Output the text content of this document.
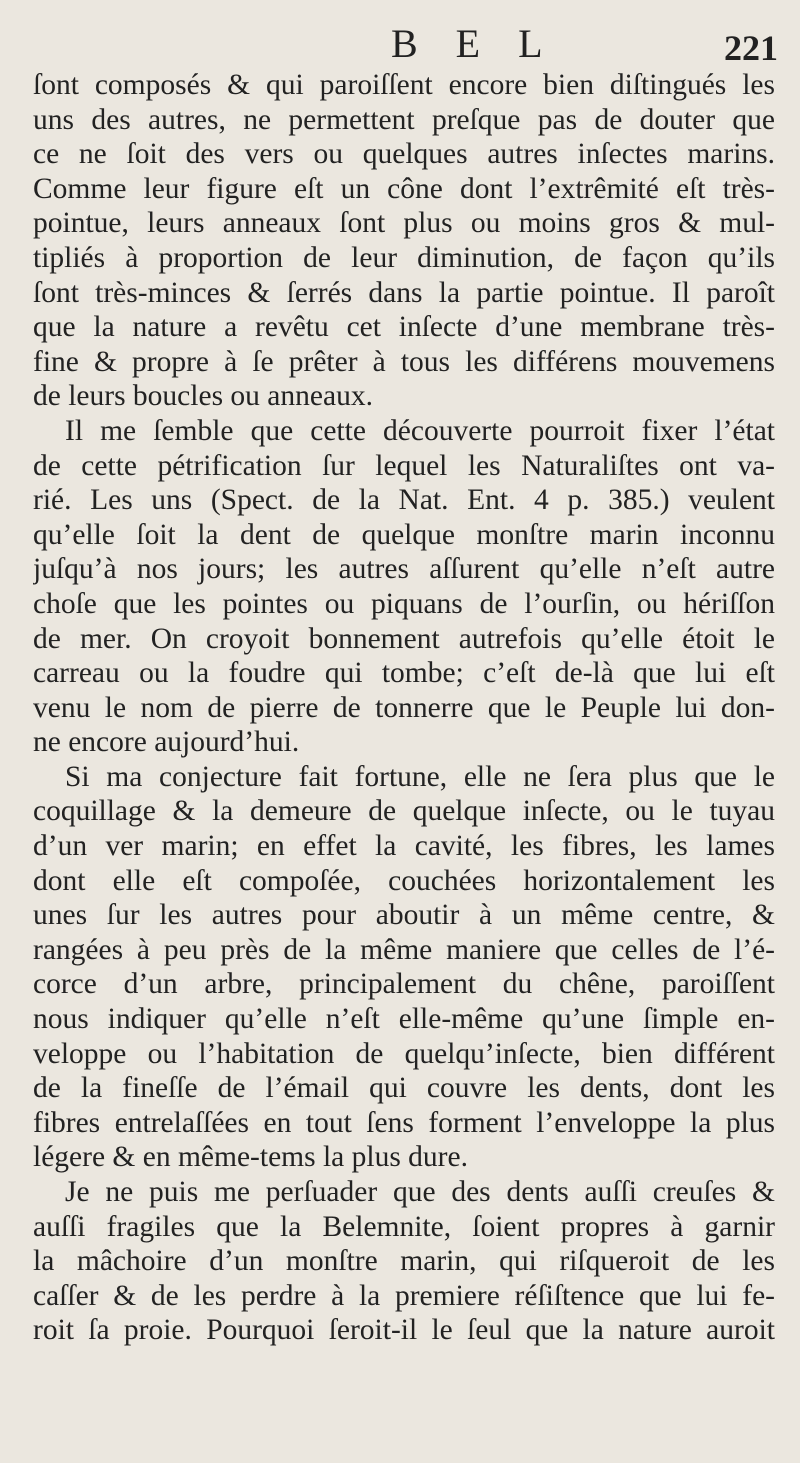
B E L	221
ſont composés & qui paroiſſent encore bien diſtingués les
uns des autres, ne permettent preſque pas de douter que
ce ne ſoit des vers ou quelques autres inſectes marins.
Comme leur figure eſt un cône dont l’extrêmité eſt très-
pointue, leurs anneaux ſont plus ou moins gros & mul-
tipliés à proportion de leur diminution, de façon qu’ils
ſont très-minces & ſerrés dans la partie pointue. Il paroît
que la nature a revêtu cet inſecte d’une membrane très-
fine & propre à ſe prêter à tous les différens mouvemens
de leurs boucles ou anneaux.
Il me ſemble que cette découverte pourroit fixer l’état
de cette pétrification ſur lequel les Naturaliſtes ont va-
rié. Les uns (Spect. de la Nat. Ent. 4 p. 385.) veulent
qu’elle ſoit la dent de quelque monſtre marin inconnu
juſqu’à nos jours; les autres aſſurent qu’elle n’eſt autre
choſe que les pointes ou piquans de l’ourſin, ou hériſſon
de mer. On croyoit bonnement autrefois qu’elle étoit le
carreau ou la foudre qui tombe; c’eſt de-là que lui eſt
venu le nom de pierre de tonnerre que le Peuple lui don-
ne encore aujourd’hui.
Si ma conjecture fait fortune, elle ne ſera plus que le
coquillage & la demeure de quelque inſecte, ou le tuyau
d’un ver marin; en effet la cavité, les fibres, les lames
dont elle eſt compoſée, couchées horizontalement les
unes ſur les autres pour aboutir à un même centre, &
rangées à peu près de la même maniere que celles de l’é-
corce d’un arbre, principalement du chêne, paroiſſent
nous indiquer qu’elle n’eſt elle-même qu’une ſimple en-
veloppe ou l’habitation de quelqu’inſecte, bien différent
de la fineſſe de l’émail qui couvre les dents, dont les
fibres entrelaſſées en tout ſens forment l’enveloppe la plus
légere & en même-tems la plus dure.
Je ne puis me perſuader que des dents auſſi creuſes &
auſſi fragiles que la Belemnite, ſoient propres à garnir
la mâchoire d’un monſtre marin, qui riſqueroit de les
caſſer & de les perdre à la premiere réſiſtence que lui fe-
roit ſa proie. Pourquoi ſeroit-il le ſeul que la nature auroit
